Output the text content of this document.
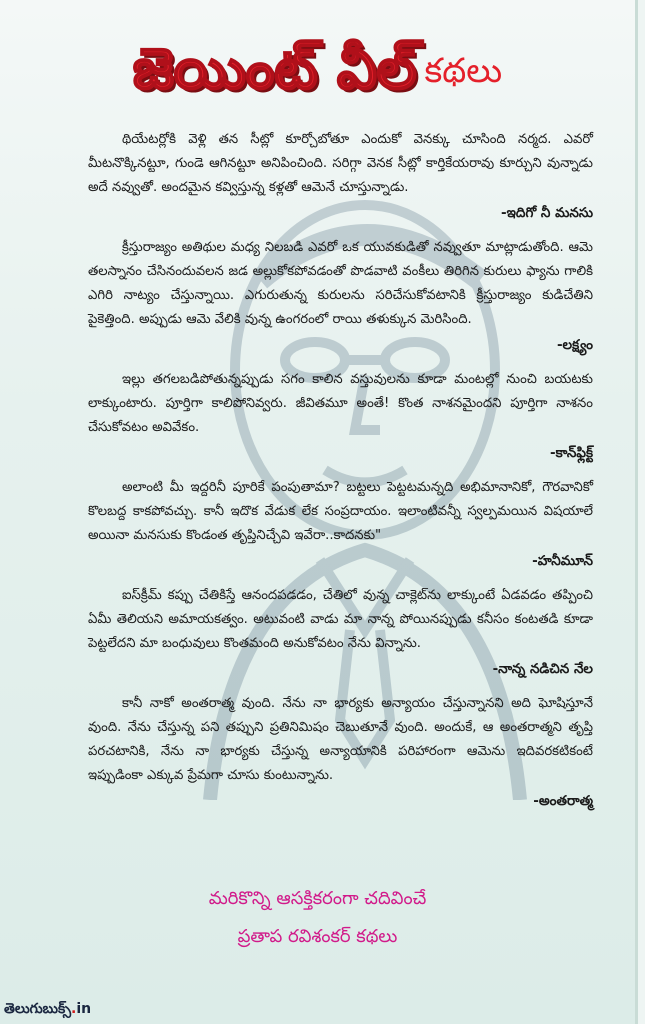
జెయింట్ వీల్ కథలు

థియేటర్లోకి వెళ్లి తన సీట్లో కూర్చోబోతూ ఎందుకో వెనక్కు చూసింది నర్మద. ఎవరో మీటనొక్కినట్టూ, గుండె ఆగినట్టూ అనిపించింది. సరిగ్గా వెనక సీట్లో కార్తికేయరావు కూర్చుని వున్నాడు అదే నవ్వుతో. అందమైన కవ్విస్తున్న కళ్లతో ఆమెనే చూస్తున్నాడు.

-ఇదిగో నీ మనసు

క్రీస్తురాజ్యం అతిథుల మధ్య నిలబడి ఎవరో ఒక యువకుడితో నవ్వుతూ మాట్లాడుతోంది. ఆమె తలస్నానం చేసినందువలన జడ అల్లుకోకపోవడంతో పొడవాటి వంకీలు తిరిగిన కురులు ఫ్యాను గాలికి ఎగిరి నాట్యం చేస్తున్నాయి. ఎగురుతున్న కురులను సరిచేసుకోవటానికి క్రీస్తురాజ్యం కుడిచేతిని పైకెత్తింది. అప్పుడు ఆమె వేలికి వున్న ఉంగరంలో రాయి తళుక్కున మెరిసింది.

-లక్ష్యం

ఇల్లు తగలబడిపోతున్నప్పుడు సగం కాలిన వస్తువులను కూడా మంటల్లో నుంచి బయటకు లాక్కుంటారు. పూర్తిగా కాలిపోనివ్వరు. జీవితమూ అంతే! కొంత నాశనమైందని పూర్తిగా నాశనం చేసుకోవటం అవివేకం.

-కాన్‌ఫ్లిక్ట్

అలాంటి మీ ఇద్దరినీ పూరికే పంపుతామా? బట్టలు పెట్టటమన్నది అభిమానానికో, గౌరవానికో కొలబద్ద కాకపోవచ్చు. కానీ ఇదొక వేడుక లేక సంప్రదాయం. ఇలాంటివన్నీ స్వల్పమయిన విషయాలే అయినా మనసుకు కొండంత తృప్తినిచ్చేవి ఇవేరా..కాదనకు"

-హనీమూన్

ఐస్‌క్రీమ్ కప్పు చేతికిస్తే ఆనందపడడం, చేతిలో వున్న చాక్లెట్‌ను లాక్కుంటే ఏడవడం తప్పించి ఏమీ తెలియని అమాయకత్వం. అటువంటి వాడు మా నాన్న పోయినప్పుడు కనీసం కంటతడి కూడా పెట్టలేదని మా బంధువులు కొంతమంది అనుకోవటం నేను విన్నాను.

-నాన్న నడిచిన నేల

కానీ నాకో అంతరాత్మ వుంది. నేను నా భార్యకు అన్యాయం చేస్తున్నానని అది ఘోషిస్తూనే వుంది. నేను చేస్తున్న పని తప్పుని ప్రతినిమిషం చెబుతూనే వుంది. అందుకే, ఆ అంతరాత్మని తృప్తి పరచటానికి, నేను నా భార్యకు చేస్తున్న అన్యాయానికి పరిహారంగా ఆమెను ఇదివరకటికంటే ఇప్పుడింకా ఎక్కువ ప్రేమగా చూసు కుంటున్నాను.

-అంతరాత్మ
మరికొన్ని ఆసక్తికరంగా చదివించే
ప్రతాప రవిశంకర్ కథలు
తెలుగుబుక్స్.in
